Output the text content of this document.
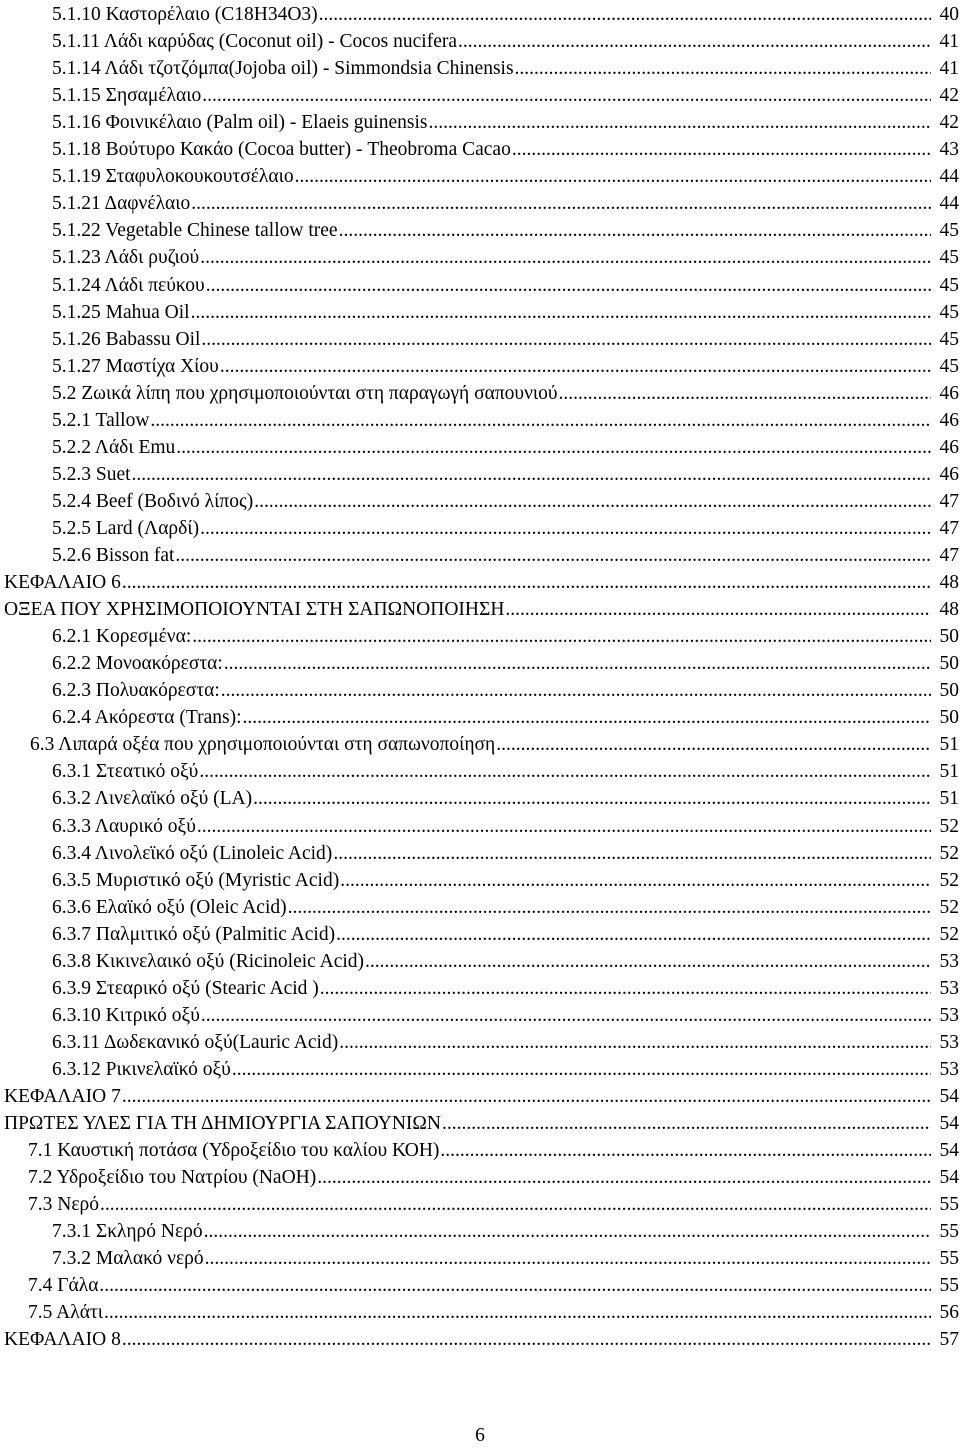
5.1.10 Καστορέλαιο (C18H34O3) .....	40
5.1.11 Λάδι καρύδας (Coconut oil) - Cocos nucifera .....	41
5.1.14 Λάδι τζοτζόμπα(Jojoba oil) - Simmondsia Chinensis .....	41
5.1.15 Σησαμέλαιο .....	42
5.1.16 Φοινικέλαιο (Palm oil) - Elaeis guinensis .....	42
5.1.18 Βούτυρο Κακάο (Cocoa butter) - Theobroma Cacao .....	43
5.1.19 Σταφυλοκουκουτσέλαιο .....	44
5.1.21 Δαφνέλαιο .....	44
5.1.22 Vegetable Chinese tallow tree .....	45
5.1.23 Λάδι ρυζιού .....	45
5.1.24 Λάδι πεύκου .....	45
5.1.25 Mahua Oil .....	45
5.1.26 Babassu Oil .....	45
5.1.27 Μαστίχα Χίου .....	45
5.2 Ζωικά λίπη που χρησιμοποιούνται στη παραγωγή σαπουνιού .....	46
5.2.1 Tallow .....	46
5.2.2 Λάδι Emu .....	46
5.2.3 Suet .....	46
5.2.4 Beef (Βοδινό λίπος) .....	47
5.2.5 Lard (Λαρδί) .....	47
5.2.6 Bisson fat .....	47
ΚΕΦΑΛΑΙΟ 6 .....	48
ΟΞΕΑ ΠΟΥ ΧΡΗΣΙΜΟΠΟΙΟΥΝΤΑΙ ΣΤΗ ΣΑΠΩΝΟΠΟΙΗΣΗ .....	48
6.2.1 Κορεσμένα: .....	50
6.2.2 Μονοακόρεστα: .....	50
6.2.3 Πολυακόρεστα: .....	50
6.2.4 Ακόρεστα (Trans): .....	50
6.3 Λιπαρά οξέα που χρησιμοποιούνται στη σαπωνοποίηση .....	51
6.3.1 Στεατικό οξύ .....	51
6.3.2 Λινελαϊκό οξύ (LA) .....	51
6.3.3 Λαυρικό οξύ .....	52
6.3.4 Λινολεϊκό οξύ (Linoleic Acid) .....	52
6.3.5 Μυριστικό οξύ (Myristic Acid) .....	52
6.3.6 Ελαϊκό οξύ (Oleic Acid) .....	52
6.3.7 Παλμιτικό οξύ (Palmitic Acid) .....	52
6.3.8 Κικινελαικό οξύ (Ricinoleic Acid) .....	53
6.3.9 Στεαρικό οξύ (Stearic Acid ) .....	53
6.3.10 Κιτρικό οξύ .....	53
6.3.11 Δωδεκανικό οξύ(Lauric Acid) .....	53
6.3.12 Ρικινελαϊκό οξύ .....	53
ΚΕΦΑΛΑΙΟ 7 .....	54
ΠΡΩΤΕΣ ΥΛΕΣ ΓΙΑ ΤΗ ΔΗΜΙΟΥΡΓΙΑ ΣΑΠΟΥΝΙΩΝ .....	54
7.1 Καυστική ποτάσα (Υδροξείδιο του καλίου ΚΟΗ) .....	54
7.2 Υδροξείδιο του Νατρίου (NaOH) .....	54
7.3 Νερό .....	55
7.3.1 Σκληρό Νερό .....	55
7.3.2 Μαλακό νερό .....	55
7.4 Γάλα .....	55
7.5 Αλάτι .....	56
ΚΕΦΑΛΑΙΟ 8 .....	57
6
